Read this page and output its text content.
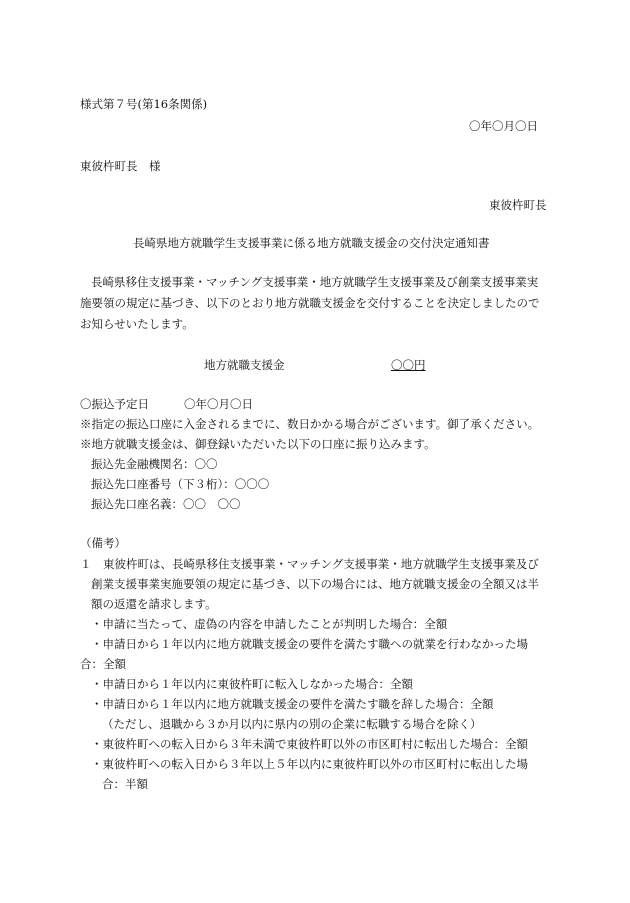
様式第７号(第16条関係)
〇年〇月〇日
東彼杵町長　様
東彼杵町長
長崎県地方就職学生支援事業に係る地方就職支援金の交付決定通知書
長崎県移住支援事業・マッチング支援事業・地方就職学生支援事業及び創業支援事業実
施要領の規定に基づき、以下のとおり地方就職支援金を交付することを決定しましたので
お知らせいたします。
地方就職支援金	〇〇円
〇振込予定日	〇年〇月〇日
※指定の振込口座に入金されるまでに、数日かかる場合がございます。御了承ください。
※地方就職支援金は、御登録いただいた以下の口座に振り込みます。
振込先金融機関名：〇〇
振込先口座番号（下３桁）：〇〇〇
振込先口座名義：〇〇　〇〇
（備考）
１　東彼杵町は、長崎県移住支援事業・マッチング支援事業・地方就職学生支援事業及び
創業支援事業実施要領の規定に基づき、以下の場合には、地方就職支援金の全額又は半
額の返還を請求します。
・申請に当たって、虚偽の内容を申請したことが判明した場合：全額
・申請日から１年以内に地方就職支援金の要件を満たす職への就業を行わなかった場
合：全額
・申請日から１年以内に東彼杵町に転入しなかった場合：全額
・申請日から１年以内に地方就職支援金の要件を満たす職を辞した場合：全額
（ただし、退職から３か月以内に県内の別の企業に転職する場合を除く）
・東彼杵町への転入日から３年未満で東彼杵町以外の市区町村に転出した場合：全額
・東彼杵町への転入日から３年以上５年以内に東彼杵町以外の市区町村に転出した場
合：半額
